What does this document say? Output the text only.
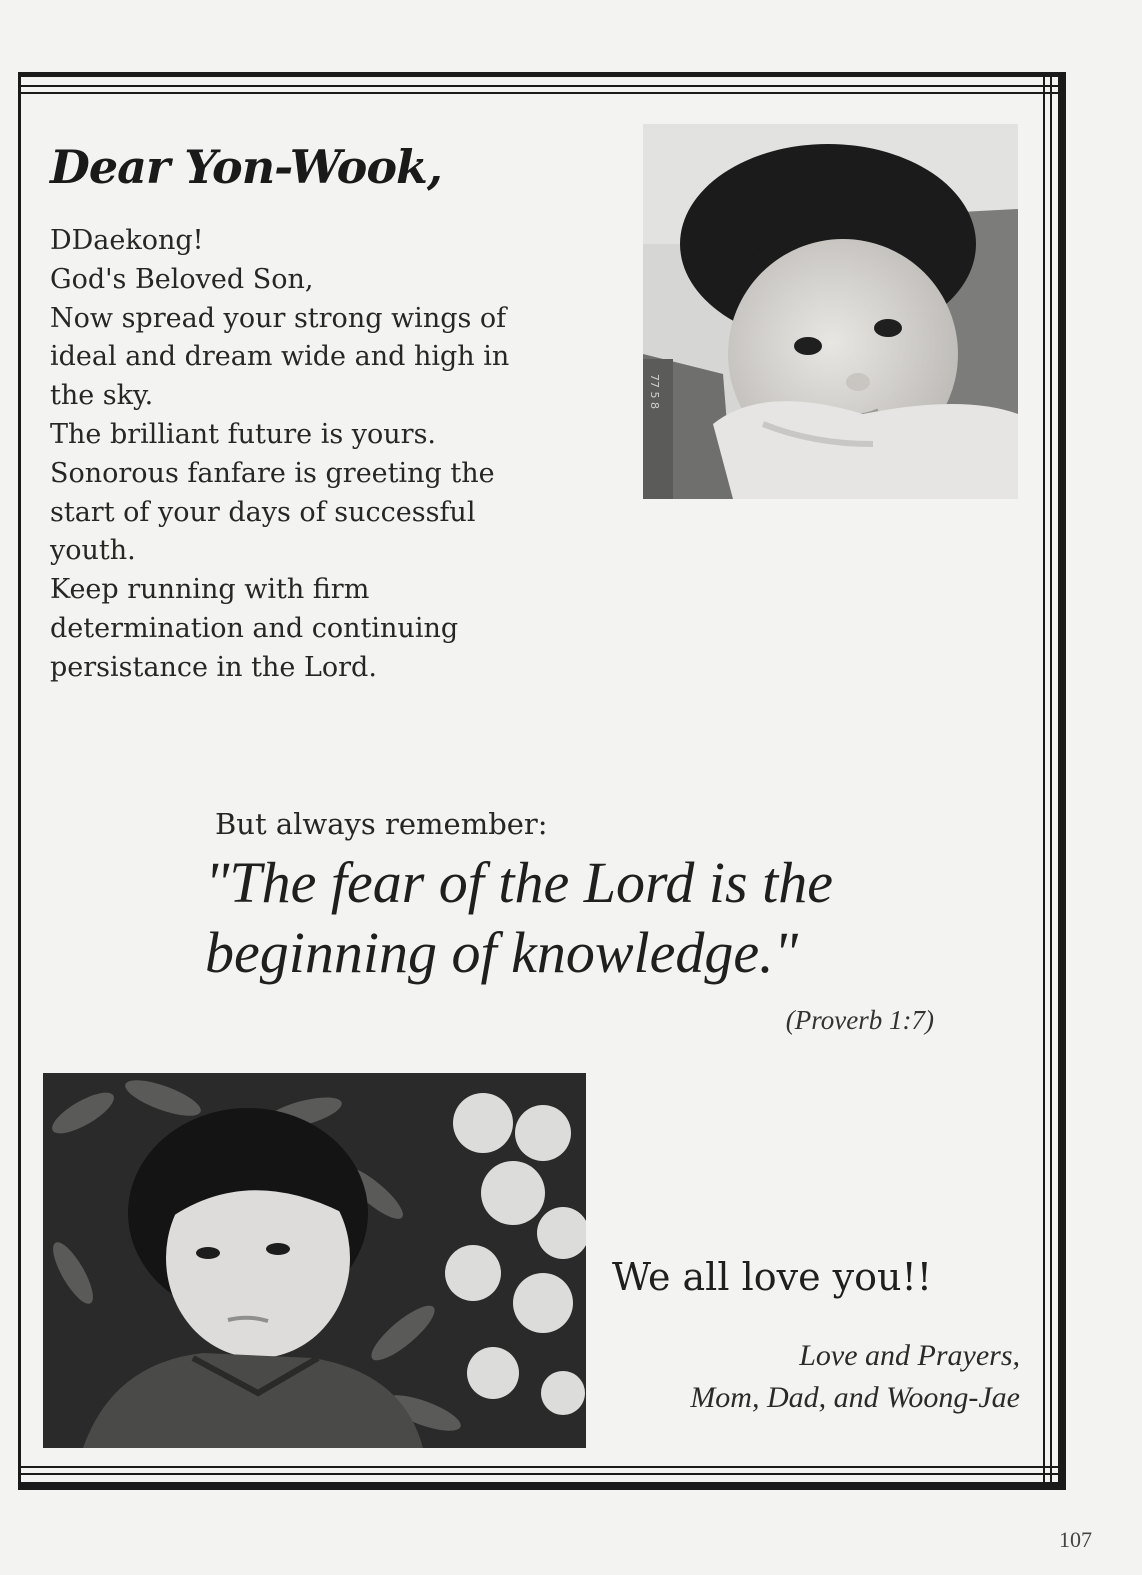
Dear Yon-Wook,
DDaekong!
God's Beloved Son,
Now spread your strong wings of
ideal and dream wide and high in
the sky.
The brilliant future is yours.
Sonorous fanfare is greeting the
start of your days of successful
youth.
Keep running with firm
determination and continuing
persistance in the Lord.
77 5 8
But always remember:
"The fear of the Lord is the
beginning of knowledge."
(Proverb 1:7)
We all love you!!
Love and Prayers,
Mom, Dad, and Woong-Jae
107
